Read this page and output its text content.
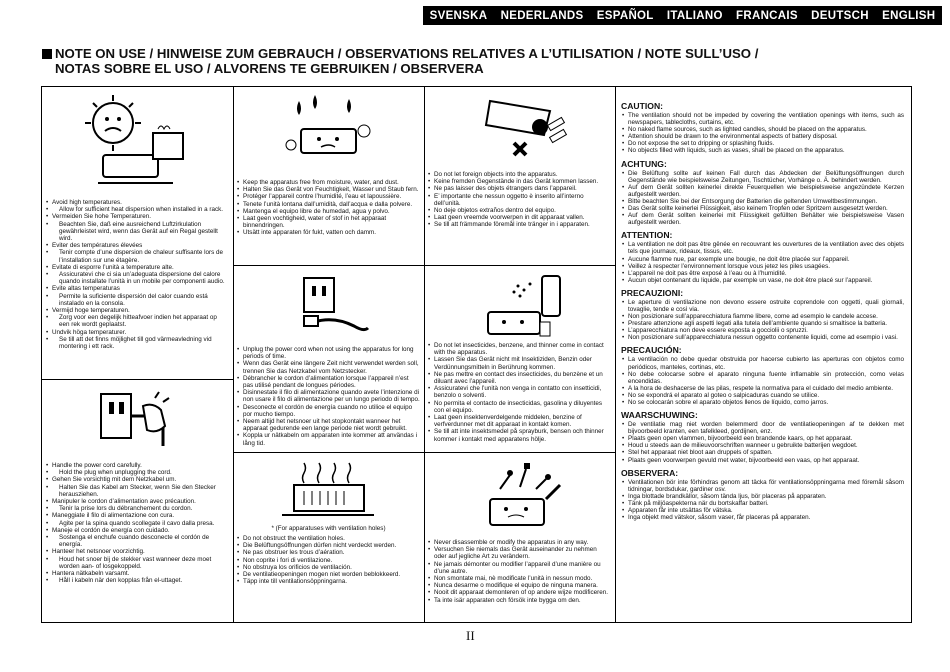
SVENSKA NEDERLANDS ESPAÑOL ITALIANO FRANCAIS DEUTSCH ENGLISH
NOTE ON USE / HINWEISE ZUM GEBRAUCH / OBSERVATIONS RELATIVES A L’UTILISATION / NOTE SULL’USO /
NOTAS SOBRE EL USO / ALVORENS TE GEBRUIKEN / OBSERVERA
• Avoid high temperatures.
• Allow for sufficient heat dispersion when installed in a rack.
• Vermeiden Sie hohe Temperaturen.
• Beachten Sie, daß eine ausreichend Luftzirkulation gewährleistet wird, wenn das Gerät auf ein Regal gestellt wird.
• Eviter des températures élevées
• Tenir compte d’une dispersion de chaleur suffisante lors de l’installation sur une étagère.
• Evitate di esporre l’unità a temperature alte.
• Assicuratevi che ci sia un’adeguata dispersione del calore quando installate l’unità in un mobile per componenti audio.
• Evite altas temperaturas
• Permite la suficiente dispersión del calor cuando está instalado en la consola.
• Vermijd hoge temperaturen.
• Zorg voor een degelijk hitteafvoer indien het apparaat op een rek wordt geplaatst.
• Undvik höga temperaturer.
• Se till att det finns möjlighet till god värmeavledning vid montering i ett rack.
• Handle the power cord carefully.
• Hold the plug when unplugging the cord.
• Gehen Sie vorsichtig mit dem Netzkabel um.
• Halten Sie das Kabel am Stecker, wenn Sie den Stecker herausziehen.
• Manipuler le cordon d’alimentation avec précaution.
• Tenir la prise lors du débranchement du cordon.
• Maneggiate il filo di alimentazione con cura.
• Agite per la spina quando scollegate il cavo dalla presa.
• Maneje el cordón de energía con cuidado.
• Sostenga el enchufe cuando desconecte el cordón de energía.
• Hanteer het netsnoer voorzichtig.
• Houd het snoer bij de stekker vast wanneer deze moet worden aan- of losgekoppeld.
• Hantera nätkabeln varsamt.
• Håll i kabeln när den kopplas från el-uttaget.
• Keep the apparatus free from moisture, water, and dust.
• Halten Sie das Gerät von Feuchtigkeit, Wasser und Staub fern.
• Protéger l’appareil contre l’humidité, l’eau et lapoussière.
• Tenete l’unità lontana dall’umidità, dall’acqua e dalla polvere.
• Mantenga el equipo libre de humedad, agua y polvo.
• Laat geen vochtigheid, water of stof in het apparaat binnendringen.
• Utsätt inte apparaten för fukt, vatten och damm.
• Unplug the power cord when not using the apparatus for long periods of time.
• Wenn das Gerät eine längere Zeit nicht verwendet werden soll, trennen Sie das Netzkabel vom Netzstecker.
• Débrancher le cordon d’alimentation lorsque l’appareil n’est pas utilisé pendant de longues périodes.
• Disinnestate il filo di alimentazione quando avete l’intenzione di non usare il filo di alimentazione per un lungo periodo di tempo.
• Desconecte el cordón de energía cuando no utilice el equipo por mucho tiempo.
• Neem altijd het netsnoer uit het stopkontakt wanneer het apparaat gedurende een lange periode niet wordt gebruikt.
• Koppla ur nätkabeln om apparaten inte kommer att användas i lång tid.
* (For apparatuses with ventilation holes)
• Do not obstruct the ventilation holes.
• Die Belüftungsöffnungen dürfen nicht verdeckt werden.
• Ne pas obstruer les trous d’aération.
• Non coprite i fori di ventilazione.
• No obstruya los orificios de ventilación.
• De ventilatieopeningen mogen niet worden beblokkeerd.
• Täpp inte till ventilationsöppningarna.
• Do not let foreign objects into the apparatus.
• Keine fremden Gegenstände in das Gerät kommen lassen.
• Ne pas laisser des objets étrangers dans l’appareil.
• E’ importante che nessun oggetto è inserito all’interno dell’unità.
• No deje objetos extraños dentro del equipo.
• Laat geen vreemde voorwerpen in dit apparaat vallen.
• Se till att främmande föremål inte tränger in i apparaten.
• Do not let insecticides, benzene, and thinner come in contact with the apparatus.
• Lassen Sie das Gerät nicht mit Insektiziden, Benzin oder Verdünnungsmitteln in Berührung kommen.
• Ne pas mettre en contact des insecticides, du benzène et un diluant avec l’appareil.
• Assicuratevi che l’unità non venga in contatto con insetticidi, benzolo o solventi.
• No permita el contacto de insecticidas, gasolina y diluyentes con el equipo.
• Laat geen insektenverdelgende middelen, benzine of verfverdunner met dit apparaat in kontakt komen.
• Se till att inte insektsmedel på sprayburk, bensen och thinner kommer i kontakt med apparatens hölje.
• Never disassemble or modify the apparatus in any way.
• Versuchen Sie niemals das Gerät auseinander zu nehmen oder auf jegliche Art zu verändern.
• Ne jamais démonter ou modifier l’appareil d’une manière ou d’une autre.
• Non smontate mai, nè modificate l’unità in nessun modo.
• Nunca desarme o modifique el equipo de ninguna manera.
• Nooit dit apparaat demonteren of op andere wijze modificeren.
• Ta inte isär apparaten och försök inte bygga om den.
CAUTION:
• The ventilation should not be impeded by covering the ventilation openings with items, such as newspapers, tablecloths, curtains, etc.
• No naked flame sources, such as lighted candles, should be placed on the apparatus.
• Attention should be drawn to the environmental aspects of battery disposal.
• Do not expose the set to dripping or splashing fluids.
• No objects filled with liquids, such as vases, shall be placed on the apparatus.
ACHTUNG:
• Die Belüftung sollte auf keinen Fall durch das Abdecken der Belüftungsöffnungen durch Gegenstände wie beispielsweise Zeitungen, Tischtücher, Vorhänge o. Ä. behindert werden.
• Auf dem Gerät sollten keinerlei direkte Feuerquellen wie beispielsweise angezündete Kerzen aufgestellt werden.
• Bitte beachten Sie bei der Entsorgung der Batterien die geltenden Umweltbestimmungen.
• Das Gerät sollte keinerlei Flüssigkeit, also keinem Tropfen oder Spritzern ausgesetzt werden.
• Auf dem Gerät sollten keinerlei mit Flüssigkeit gefüllten Behälter wie beispielsweise Vasen aufgestellt werden.
ATTENTION:
• La ventilation ne doit pas être gênée en recouvrant les ouvertures de la ventilation avec des objets tels que journaux, rideaux, tissus, etc.
• Aucune flamme nue, par exemple une bougie, ne doit être placée sur l’appareil.
• Veillez à respecter l’environnement lorsque vous jetez les piles usagées.
• L’appareil ne doit pas être exposé à l’eau ou à l’humidité.
• Aucun objet contenant du liquide, par exemple un vase, ne doit être placé sur l’appareil.
PRECAUZIONI:
• Le aperture di ventilazione non devono essere ostruite coprendole con oggetti, quali giornali, tovaglie, tende e così via.
• Non posizionare sull’apparecchiatura fiamme libere, come ad esempio le candele accese.
• Prestare attenzione agli aspetti legati alla tutela dell’ambiente quando si smaltisce la batteria.
• L’apparecchiatura non deve essere esposta a gocciolii o spruzzi.
• Non posizionare sull’apparecchiatura nessun oggetto contenente liquidi, come ad esempio i vasi.
PRECAUCIÓN:
• La ventilación no debe quedar obstruida por hacerse cubierto las aperturas con objetos como periódicos, manteles, cortinas, etc.
• No debe colocarse sobre el aparato ninguna fuente inflamable sin protección, como velas encendidas.
• A la hora de deshacerse de las pilas, respete la normativa para el cuidado del medio ambiente.
• No se expondrá el aparato al goteo o salpicaduras cuando se utilice.
• No se colocarán sobre el aparato objetos llenos de líquido, como jarros.
WAARSCHUWING:
• De ventilatie mag niet worden belemmerd door de ventilatieopeningen af te dekken met bijvoorbeeld kranten, een tafelkleed, gordijnen, enz.
• Plaats geen open vlammen, bijvoorbeeld een brandende kaars, op het apparaat.
• Houd u steeds aan de milieuvoorschriften wanneer u gebruikte batterijen wegdoet.
• Stel het apparaat niet bloot aan druppels of spatten.
• Plaats geen voorwerpen gevuld met water, bijvoorbeeld een vaas, op het apparaat.
OBSERVERA:
• Ventilationen bör inte förhindras genom att täcka för ventilationsöppningarna med föremål såsom tidningar, bordsdukar, gardiner osv.
• Inga blottade brandkällor, såsom tända ljus, bör placeras på apparaten.
• Tänk på miljöaspekterna när du bortskaffar batteri.
• Apparaten får inte utsättas för vätska.
• Inga objekt med vätskor, såsom vaser, får placeras på apparaten.
II
